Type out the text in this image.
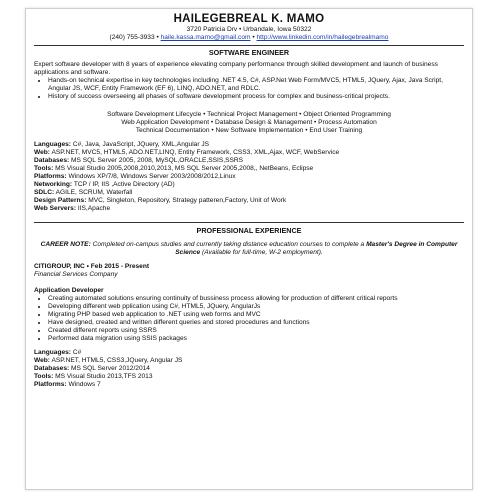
HAILEGEBREAL K. MAMO
3720 Patricia Drv • Urbandale, Iowa 50322
(240) 755-3933 • haile.kassa.mamo@gmail.com • http://www.linkedin.com/in/hailegebrealmamo
SOFTWARE ENGINEER

Expert software developer with 8 years of experience elevating company performance through skilled development and launch of business applications and software.

• Hands-on technical expertise in key technologies including .NET 4.5, C#, ASP.Net Web Form/MVC5, HTML5, JQuery, Ajax, Java Script, Angular JS, WCF, Entity Framework (EF 6), LINQ, ADO.NET, and RDLC.
• History of success overseeing all phases of software development process for complex and business-critical projects.
Software Development Lifecycle • Technical Project Management • Object Oriented Programming
Web Application Development • Database Design & Management • Process Automation
Technical Documentation • New Software Implementation • End User Training
Languages: C#, Java, JavaScript, JQuery, XML,Angular JS
Web: ASP.NET, MVC5, HTML5, ADO.NET,LINQ, Entity Framework, CSS3, XML,Ajax, WCF, WebService
Databases: MS SQL Server 2005, 2008, MySQL,ORACLE,SSIS,SSRS
Tools: MS Visual Studio 2005,2008,2010,2013, MS SQL Server 2005,2008,, NetBeans, Eclipse
Platforms: Windows XP/7/8, Windows Server 2003/2008/2012,Linux
Networking: TCP / IP, IIS ,Active Directory (AD)
SDLC: AGILE, SCRUM, Waterfall
Design Patterns: MVC, Singleton, Repository, Strategy patteren,Factory, Unit of Work
Web Servers: IIS,Apache
PROFESSIONAL EXPERIENCE
CAREER NOTE: Completed on-campus studies and currently taking distance education courses to complete a Master's Degree in Computer Science (Available for full-time, W-2 employment).
CITIGROUP, INC • Feb 2015 - Present
Financial Services Company
Application Developer
• Creating automated solutions ensuring continuity of bussiness process allowing for production of different critical reports
• Developing different web pplication using C#, HTML5, JQuery, AngularJs
• Migrating PHP based web application to .NET using web forms and MVC
• Have designed, created and written different queries and stored procedures and functions
• Created different reports using SSRS
• Performed data migration using SSIS packages
Languages: C#
Web: ASP.NET, HTML5, CSS3,JQuery, Angular JS
Databases: MS SQL Server 2012/2014
Tools: MS Visual Studio 2013,TFS 2013
Platforms: Windows 7
